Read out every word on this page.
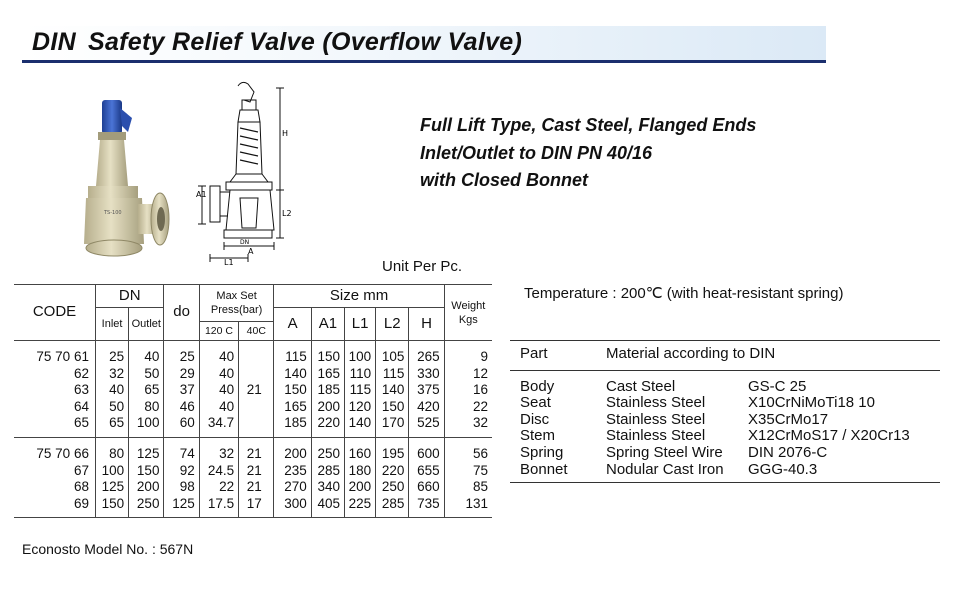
DIN Safety Relief Valve (Overflow Valve)
Full Lift Type, Cast Steel, Flanged Ends
Inlet/Outlet to DIN PN 40/16
with Closed Bonnet
TS-100
H
L2
A1
DN
A
L1	Unit Per Pc.
CODE	DN		do	Max Set Press(bar)		Size mm					Weight Kgs
	Inlet	Outlet				A	A1	L1	L2	H	
				120 C	40C						
75 70 61	25	40	25	40		115	150	100	105	265	9
62	32	50	29	40		140	165	110	115	330	12
63	40	65	37	40	21	150	185	115	140	375	16
64	50	80	46	40		165	200	120	150	420	22
65	65	100	60	34.7		185	220	140	170	525	32
75 70 66	80	125	74	32	21	200	250	160	195	600	56
67	100	150	92	24.5	21	235	285	180	220	655	75
68	125	200	98	22	21	270	340	200	250	660	85
69	150	250	125	17.5	17	300	405	225	285	735	131
Econosto Model No. : 567N
Temperature : 200℃ (with heat-resistant spring)
Part	Material according to DIN	
Body	Cast Steel	GS-C 25
Seat	Stainless Steel	X10CrNiMoTi18 10
Disc	Stainless Steel	X35CrMo17
Stem	Stainless Steel	X12CrMoS17 / X20Cr13
Spring	Spring Steel Wire	DIN 2076-C
Bonnet	Nodular Cast Iron	GGG-40.3
